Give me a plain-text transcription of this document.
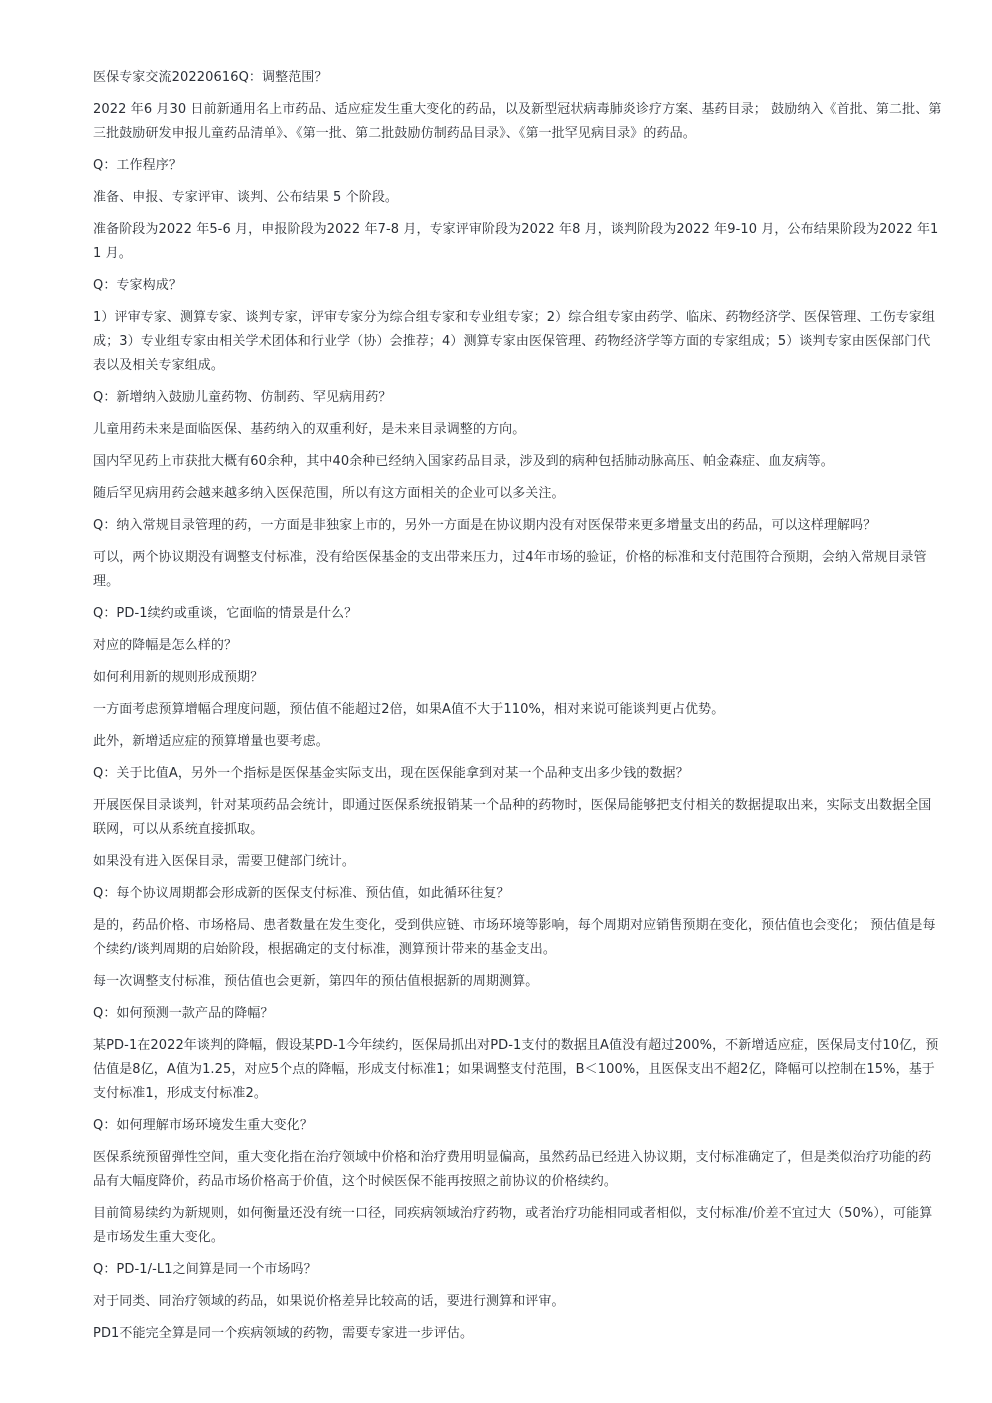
医保专家交流20220616Q：调整范围？

2022 年6 月30 日前新通用名上市药品、适应症发生重大变化的药品，以及新型冠状病毒肺炎诊疗方案、基药目录； 鼓励纳入《首批、第二批、第三批鼓励研发申报儿童药品清单》、《第一批、第二批鼓励仿制药品目录》、《第一批罕见病目录》的药品。

Q：工作程序？

准备、申报、专家评审、谈判、公布结果 5 个阶段。

准备阶段为2022 年5-6 月，申报阶段为2022 年7-8 月，专家评审阶段为2022 年8 月，谈判阶段为2022 年9-10 月，公布结果阶段为2022 年11 月。

Q：专家构成？

1）评审专家、测算专家、谈判专家，评审专家分为综合组专家和专业组专家；2）综合组专家由药学、临床、药物经济学、医保管理、工伤专家组成；3）专业组专家由相关学术团体和行业学（协）会推荐；4）测算专家由医保管理、药物经济学等方面的专家组成；5）谈判专家由医保部门代表以及相关专家组成。

Q：新增纳入鼓励儿童药物、仿制药、罕见病用药？

儿童用药未来是面临医保、基药纳入的双重利好，是未来目录调整的方向。

国内罕见药上市获批大概有60余种，其中40余种已经纳入国家药品目录，涉及到的病种包括肺动脉高压、帕金森症、血友病等。

随后罕见病用药会越来越多纳入医保范围，所以有这方面相关的企业可以多关注。

Q：纳入常规目录管理的药，一方面是非独家上市的，另外一方面是在协议期内没有对医保带来更多增量支出的药品，可以这样理解吗？

可以，两个协议期没有调整支付标准，没有给医保基金的支出带来压力，过4年市场的验证，价格的标准和支付范围符合预期，会纳入常规目录管理。

Q：PD-1续约或重谈，它面临的情景是什么？

对应的降幅是怎么样的？

如何利用新的规则形成预期？

一方面考虑预算增幅合理度问题，预估值不能超过2倍，如果A值不大于110%，相对来说可能谈判更占优势。

此外，新增适应症的预算增量也要考虑。

Q：关于比值A，另外一个指标是医保基金实际支出，现在医保能拿到对某一个品种支出多少钱的数据？

开展医保目录谈判，针对某项药品会统计，即通过医保系统报销某一个品种的药物时，医保局能够把支付相关的数据提取出来，实际支出数据全国联网，可以从系统直接抓取。

如果没有进入医保目录，需要卫健部门统计。

Q：每个协议周期都会形成新的医保支付标准、预估值，如此循环往复？

是的，药品价格、市场格局、患者数量在发生变化，受到供应链、市场环境等影响，每个周期对应销售预期在变化，预估值也会变化； 预估值是每个续约/谈判周期的启始阶段，根据确定的支付标准，测算预计带来的基金支出。

每一次调整支付标准，预估值也会更新，第四年的预估值根据新的周期测算。

Q：如何预测一款产品的降幅？

某PD-1在2022年谈判的降幅，假设某PD-1今年续约，医保局抓出对PD-1支付的数据且A值没有超过200%，不新增适应症，医保局支付10亿，预估值是8亿，A值为1.25，对应5个点的降幅，形成支付标准1；如果调整支付范围，B＜100%，且医保支出不超2亿，降幅可以控制在15%，基于支付标准1，形成支付标准2。

Q：如何理解市场环境发生重大变化？

医保系统预留弹性空间，重大变化指在治疗领域中价格和治疗费用明显偏高，虽然药品已经进入协议期，支付标准确定了，但是类似治疗功能的药品有大幅度降价，药品市场价格高于价值，这个时候医保不能再按照之前协议的价格续约。

目前简易续约为新规则，如何衡量还没有统一口径，同疾病领域治疗药物，或者治疗功能相同或者相似，支付标准/价差不宜过大（50%），可能算是市场发生重大变化。

Q：PD-1/-L1之间算是同一个市场吗？

对于同类、同治疗领域的药品，如果说价格差异比较高的话，要进行测算和评审。

PD1不能完全算是同一个疾病领域的药物，需要专家进一步评估。
